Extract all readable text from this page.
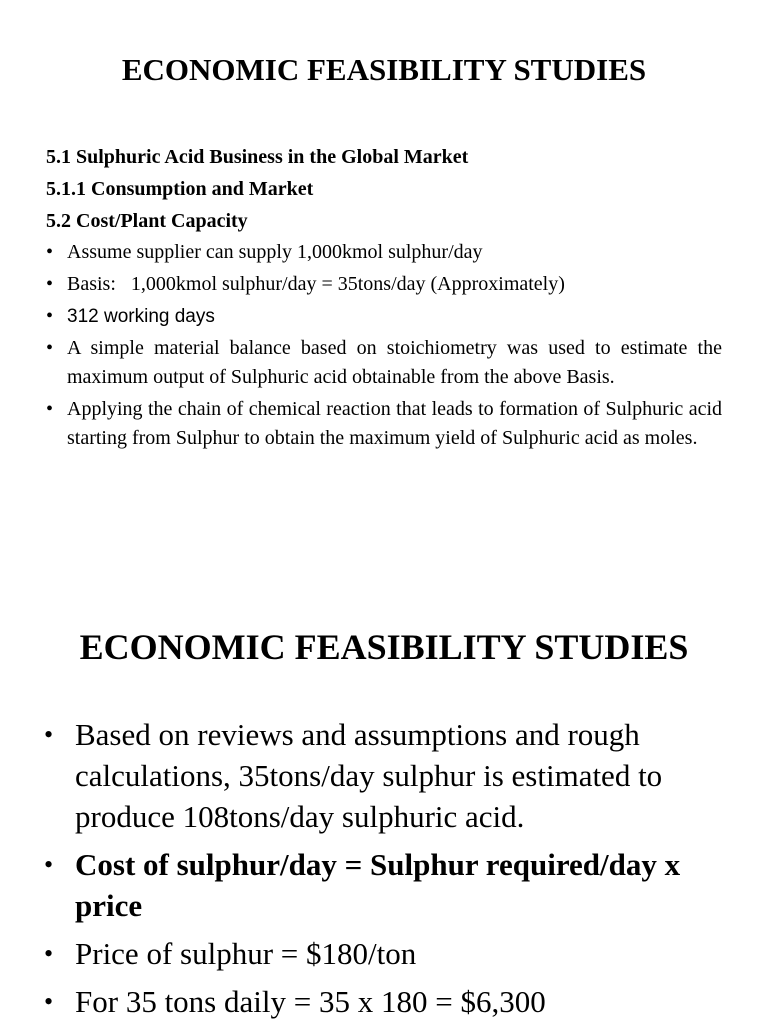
ECONOMIC FEASIBILITY STUDIES
5.1 Sulphuric Acid Business in the Global Market
5.1.1 Consumption and Market
5.2 Cost/Plant Capacity
• Assume supplier can supply 1,000kmol sulphur/day
• Basis:   1,000kmol sulphur/day = 35tons/day (Approximately)
• 312 working days
• A simple material balance based on stoichiometry was used to estimate the maximum output of Sulphuric acid obtainable from the above Basis.
• Applying the chain of chemical reaction that leads to formation of Sulphuric acid starting from Sulphur to obtain the maximum yield of Sulphuric acid as moles.
ECONOMIC FEASIBILITY STUDIES
• Based on reviews and assumptions and rough calculations, 35tons/day sulphur is estimated to produce 108tons/day sulphuric acid.
• Cost of sulphur/day = Sulphur required/day x price
• Price of sulphur = $180/ton
• For 35 tons daily = 35 x 180 = $6,300
